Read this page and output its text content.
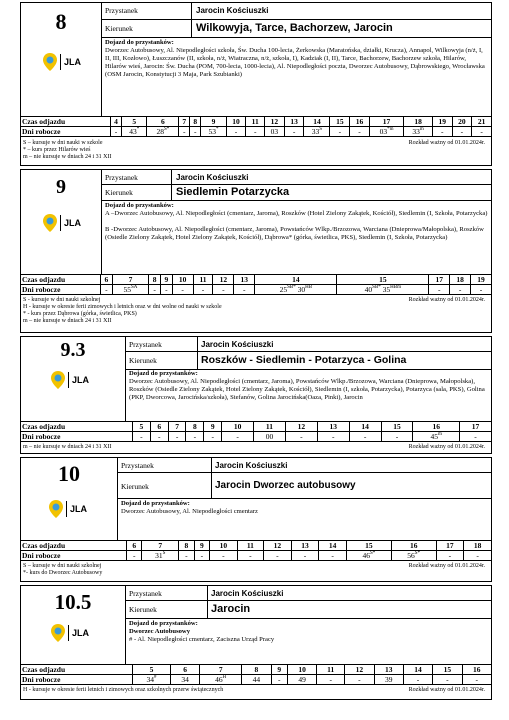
8
JLA
Przystanek	Jarocin Kościuszki
Kierunek	Wilkowyja, Tarce, Bachorzew, Jarocin
Dojazd do przystanków:
Dworzec Autobusowy, Al. Niepodległości szkoła, Św. Ducha 100-lecia, Żerkowska (Maratońska, działki, Krucza), Annapol, Wilkowyja (n/ż, I, II, III, Kozłowo), Łuszczanów (II, szkoła, n/ż, Wiatraczna, n/ż, szkoła, I), Kadziak (I, II), Tarce, Bachorzew, Bachorzew szkoła, Hilarów, Hilarów wieś, Jarocin: Św. Ducha (POM, 700-lecia, 1000-lecia), Al. Niepodległości poczta, Dworzec Autobusowy, Dąbrowskiego, Wrocławska (OSM Jarocin, Konstytucji 3 Maja, Park Szubianki)
Czas odjazdu	4	5	6	7	8	9	10	11	12	13	14	15	16	17	18	19	20	21
Dni robocze	-	43*	$28^{S*}$	-	-	53*	-	-	03	-	$33^S$	-	-	03$^{*m}$	33$^m$	-	-	-
S – kursuje w dni nauki w szkole
* – kurs przez Hilarów wieś
m – nie kursuje w dniach 24 i 31 XII
Rozkład ważny od 01.01.2024r.
9
JLA
Przystanek	Jarocin Kościuszki
Kierunek	Siedlemin Potarzycka
Dojazd do przystanków:
A –Dworzec Autobusowy, Al. Niepodległości (cmentarz, Jaroma), Roszków (Hotel Zielony Zakątek, Kościół), Siedlemin (I, Szkoła, Potarzycka)

B -Dworzec Autobusowy, Al. Niepodległości (cmentarz, Jaroma), Powstańców Wlkp./Brzozowa, Warciana (Dnieprowa/Małopolska), Roszków (Osiedle Zielony Zakątek, Hotel Zielony Zakątek, Kościół), Dąbrowa* (górka, świetlica, PKS), Siedlemin (I, Szkoła, Potarzycka)
Czas odjazdu	6	7	8	9	10	11	12	13	14	15	17	18	19
Dni robocze	-	$55^{SA}$	-	-	-	-	-	-	$25^{SB*}$ $30^{HB}$	$40^{SB*}$ $35^{HBm}$	-	-	-
S - kursuje w dni nauki szkolnej
H - kursuje w okresie ferii zimowych i letnich oraz w dni wolne od nauki w szkole
* - kurs przez Dąbrowa (górka, świetlica, PKS)
m – nie kursuje w dniach 24 i 31 XII
Rozkład ważny od 01.01.2024r.
9.3
JLA
Przystanek	Jarocin Kościuszki
Kierunek	Roszków - Siedlemin - Potarzyca - Golina
Dojazd do przystanków:
Dworzec Autobusowy, Al. Niepodległości (cmentarz, Jaroma), Powstańców Wlkp./Brzozowa, Warciana (Dnieprowa, Małopolska), Roszków (Osiedle Zielony Zakątek, Hotel Zielony Zakątek, Kościół), Siedlemin (I, szkoła, Potarzycka), Potarzyca (sala, PKS), Golina (PKP, Dworcowa, Jarocińska/szkoła), Stefanów, Golina Jarocińska(Oaza, Pinki), Jarocin
Czas odjazdu	5	6	7	8	9	10	11	12	13	14	15	16	17
Dni robocze	-	-	-	-	-	-	00	-	-	-	-	45$^m$	-
m – nie kursuje w dniach 24 i 31 XII	Rozkład ważny od 01.01.2024r.
10
JLA
Przystanek	Jarocin Kościuszki
Kierunek	Jarocin Dworzec autobusowy
Dojazd do przystanków:
Dworzec Autobusowy, Al. Niepodległości cmentarz
Czas odjazdu	6	7	8	9	10	11	12	13	14	15	16	17	18
Dni robocze	-	$31^S$	-	-	-	-	-	-	-	$46^{S*}$	$56^{S*}$	-	-
S – kursuje w dni nauki szkolnej
*- kurs do Dworzec Autobusowy
Rozkład ważny od 01.01.2024r.
10.5
JLA
Przystanek	Jarocin Kościuszki
Kierunek	Jarocin
Dojazd do przystanków:
Dworzec Autobusowy
# - Al. Niepodległości cmentarz, Zaciszna Urząd Pracy
Czas odjazdu	5	6	7	8	9	10	11	12	13	14	15	16
Dni robocze	34#	34	$46^H$	44	-	49	-	-	39	-	-	-
H - kursuje w okresie ferii letnich i zimowych oraz szkolnych przerw świątecznych	Rozkład ważny od 01.01.2024r.
